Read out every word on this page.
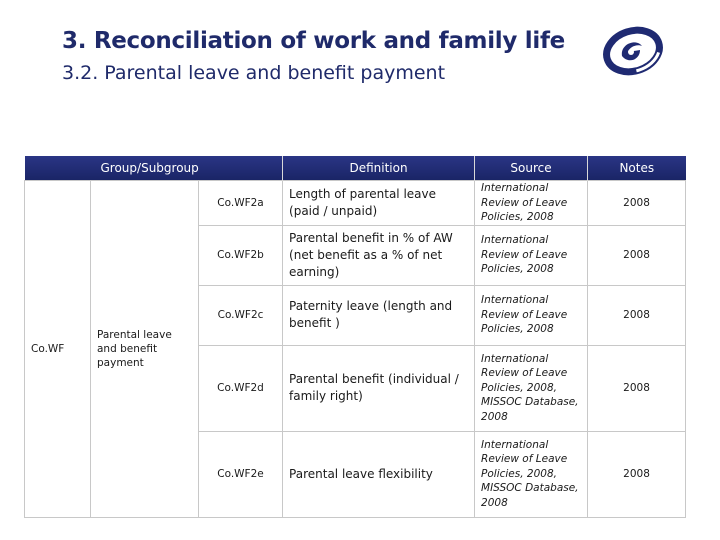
3. Reconciliation of work and family life
3.2. Parental leave and benefit payment
Group/Subgroup			Definition	Source	Notes
Co.WF	Parental leave and benefit payment	Co.WF2a	Length of parental leave (paid / unpaid)	International Review of Leave Policies, 2008	2008
		Co.WF2b	Parental benefit in % of AW (net benefit as a % of net earning)	International Review of Leave Policies, 2008	2008
		Co.WF2c	Paternity leave (length and benefit )	International Review of Leave Policies, 2008	2008
		Co.WF2d	Parental benefit (individual / family right)	International Review of Leave Policies, 2008, MISSOC Database, 2008	2008
		Co.WF2e	Parental leave flexibility	International Review of Leave Policies, 2008, MISSOC Database, 2008	2008
